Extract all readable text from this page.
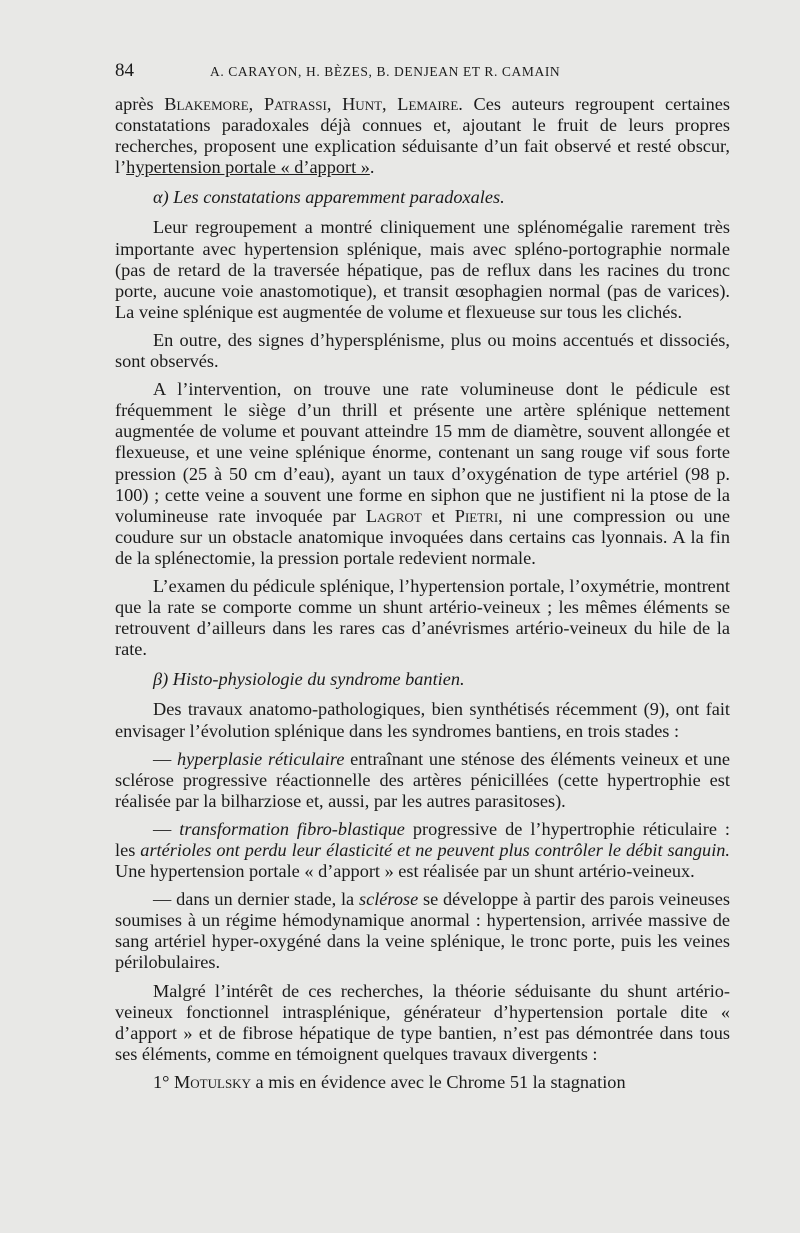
84	A. CARAYON, H. BÈZES, B. DENJEAN ET R. CAMAIN

après Blakemore, Patrassi, Hunt, Lemaire. Ces auteurs regroupent certaines constatations paradoxales déjà connues et, ajoutant le fruit de leurs propres recherches, proposent une explication séduisante d’un fait observé et resté obscur, l’hypertension portale « d’apport ».

α) Les constatations apparemment paradoxales.

Leur regroupement a montré cliniquement une splénomégalie rarement très importante avec hypertension splénique, mais avec spléno-portographie normale (pas de retard de la traversée hépatique, pas de reflux dans les racines du tronc porte, aucune voie anastomotique), et transit œsophagien normal (pas de varices). La veine splénique est augmentée de volume et flexueuse sur tous les clichés.

En outre, des signes d’hypersplénisme, plus ou moins accentués et dissociés, sont observés.

A l’intervention, on trouve une rate volumineuse dont le pédicule est fréquemment le siège d’un thrill et présente une artère splénique nettement augmentée de volume et pouvant atteindre 15 mm de diamètre, souvent allongée et flexueuse, et une veine splénique énorme, contenant un sang rouge vif sous forte pression (25 à 50 cm d’eau), ayant un taux d’oxygénation de type artériel (98 p. 100) ; cette veine a souvent une forme en siphon que ne justifient ni la ptose de la volumineuse rate invoquée par Lagrot et Pietri, ni une compression ou une coudure sur un obstacle anatomique invoquées dans certains cas lyonnais. A la fin de la splénectomie, la pression portale redevient normale.

L’examen du pédicule splénique, l’hypertension portale, l’oxymétrie, montrent que la rate se comporte comme un shunt artério-veineux ; les mêmes éléments se retrouvent d’ailleurs dans les rares cas d’anévrismes artério-veineux du hile de la rate.

β) Histo-physiologie du syndrome bantien.

Des travaux anatomo-pathologiques, bien synthétisés récemment (9), ont fait envisager l’évolution splénique dans les syndromes bantiens, en trois stades :

— hyperplasie réticulaire entraînant une sténose des éléments veineux et une sclérose progressive réactionnelle des artères pénicillées (cette hypertrophie est réalisée par la bilharziose et, aussi, par les autres parasitoses).

— transformation fibro-blastique progressive de l’hypertrophie réticulaire : les artérioles ont perdu leur élasticité et ne peuvent plus contrôler le débit sanguin. Une hypertension portale « d’apport » est réalisée par un shunt artério-veineux.

— dans un dernier stade, la sclérose se développe à partir des parois veineuses soumises à un régime hémodynamique anormal : hypertension, arrivée massive de sang artériel hyper-oxygéné dans la veine splénique, le tronc porte, puis les veines périlobulaires.

Malgré l’intérêt de ces recherches, la théorie séduisante du shunt artério-veineux fonctionnel intrasplénique, générateur d’hypertension portale dite « d’apport » et de fibrose hépatique de type bantien, n’est pas démontrée dans tous ses éléments, comme en témoignent quelques travaux divergents :

1° Motulsky a mis en évidence avec le Chrome 51 la stagnation
